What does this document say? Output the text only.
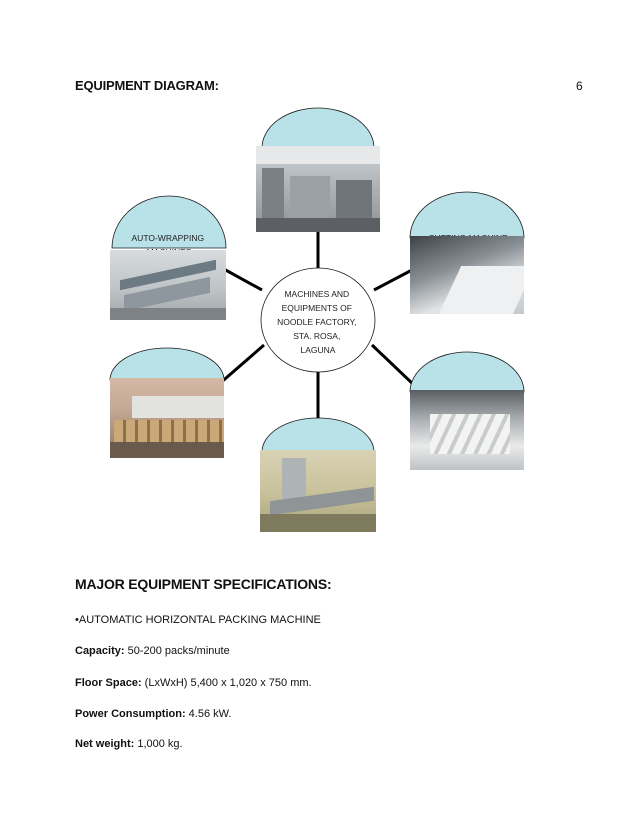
EQUIPMENT DIAGRAM:	6
MACHINES AND EQUIPMENTS OF NOODLE FACTORY, STA. ROSA, LAGUNA
AUTO-WRAPPING
MAJOR EQUIPMENT SPECIFICATIONS:
•AUTOMATIC HORIZONTAL PACKING MACHINE
Capacity: 50-200 packs/minute
Floor Space: (LxWxH) 5,400 x 1,020 x 750 mm.
Power Consumption: 4.56 kW.
Net weight: 1,000 kg.
